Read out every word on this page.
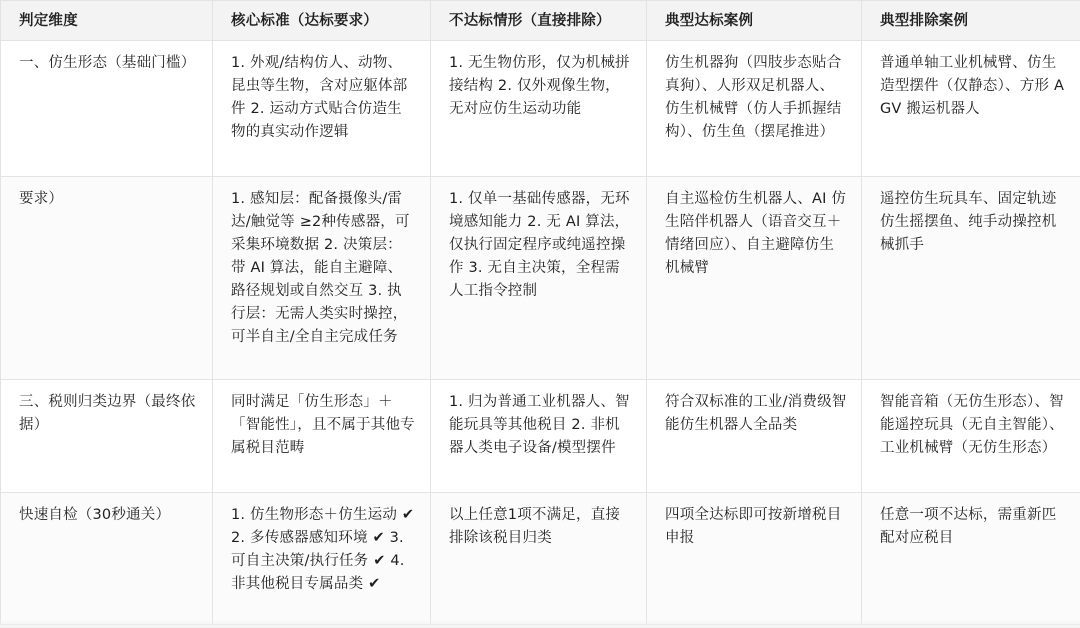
判定维度	核心标准（达标要求）	不达标情形（直接排除）	典型达标案例	典型排除案例
一、仿生形态（基础门槛）	1. 外观/结构仿人、动物、昆虫等生物，含对应躯体部件 2. 运动方式贴合仿造生物的真实动作逻辑	1. 无生物仿形，仅为机械拼接结构 2. 仅外观像生物，无对应仿生运动功能	仿生机器狗（四肢步态贴合真狗）、人形双足机器人、仿生机械臂（仿人手抓握结构）、仿生鱼（摆尾推进）	普通单轴工业机械臂、仿生造型摆件（仅静态）、方形 AGV 搬运机器人
要求）	1. 感知层：配备摄像头/雷达/触觉等 ≥2种传感器，可采集环境数据 2. 决策层：带 AI 算法，能自主避障、路径规划或自然交互 3. 执行层：无需人类实时操控，可半自主/全自主完成任务	1. 仅单一基础传感器，无环境感知能力 2. 无 AI 算法，仅执行固定程序或纯遥控操作 3. 无自主决策，全程需人工指令控制	自主巡检仿生机器人、AI 仿生陪伴机器人（语音交互＋情绪回应）、自主避障仿生机械臂	遥控仿生玩具车、固定轨迹仿生摇摆鱼、纯手动操控机械抓手
三、税则归类边界（最终依据）	同时满足「仿生形态」＋「智能性」，且不属于其他专属税目范畴	1. 归为普通工业机器人、智能玩具等其他税目 2. 非机器人类电子设备/模型摆件	符合双标准的工业/消费级智能仿生机器人全品类	智能音箱（无仿生形态）、智能遥控玩具（无自主智能）、工业机械臂（无仿生形态）
快速自检（30秒通关）	1. 仿生物形态＋仿生运动 ✔ 2. 多传感器感知环境 ✔ 3. 可自主决策/执行任务 ✔ 4. 非其他税目专属品类 ✔	以上任意1项不满足，直接排除该税目归类	四项全达标即可按新增税目申报	任意一项不达标，需重新匹配对应税目
